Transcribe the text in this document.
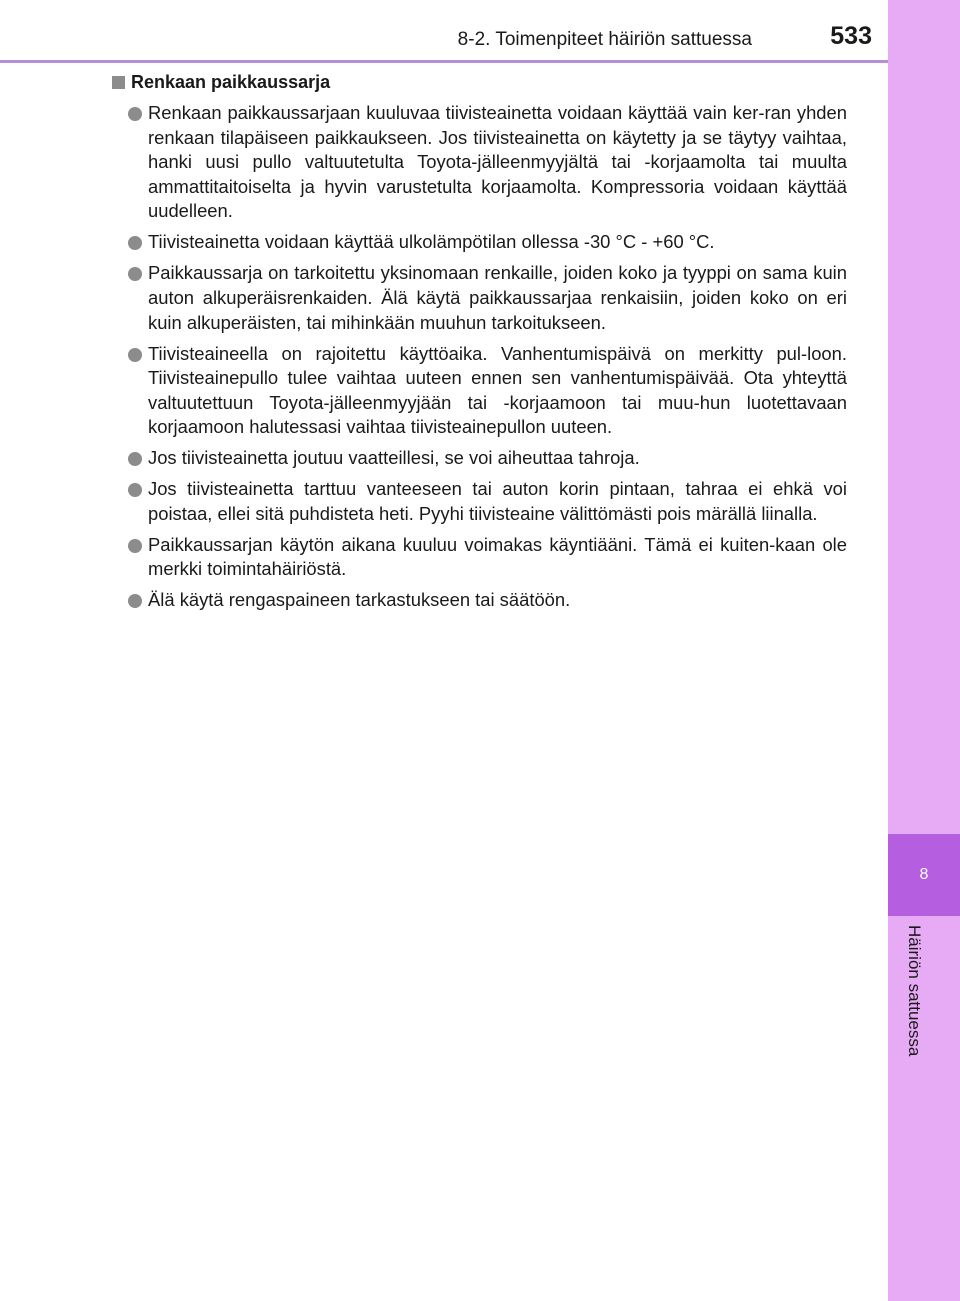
8-2. Toimenpiteet häiriön sattuessa	533
8
Häiriön sattuessa
Renkaan paikkaussarja
Renkaan paikkaussarjaan kuuluvaa tiivisteainetta voidaan käyttää vain ker-ran yhden renkaan tilapäiseen paikkaukseen. Jos tiivisteainetta on käytetty ja se täytyy vaihtaa, hanki uusi pullo valtuutetulta Toyota-jälleenmyyjältä tai -korjaamolta tai muulta ammattitaitoiselta ja hyvin varustetulta korjaamolta. Kompressoria voidaan käyttää uudelleen.
Tiivisteainetta voidaan käyttää ulkolämpötilan ollessa -30 °C - +60 °C.
Paikkaussarja on tarkoitettu yksinomaan renkaille, joiden koko ja tyyppi on sama kuin auton alkuperäisrenkaiden. Älä käytä paikkaussarjaa renkaisiin, joiden koko on eri kuin alkuperäisten, tai mihinkään muuhun tarkoitukseen.
Tiivisteaineella on rajoitettu käyttöaika. Vanhentumispäivä on merkitty pul-loon. Tiivisteainepullo tulee vaihtaa uuteen ennen sen vanhentumispäivää. Ota yhteyttä valtuutettuun Toyota-jälleenmyyjään tai -korjaamoon tai muu-hun luotettavaan korjaamoon halutessasi vaihtaa tiivisteainepullon uuteen.
Jos tiivisteainetta joutuu vaatteillesi, se voi aiheuttaa tahroja.
Jos tiivisteainetta tarttuu vanteeseen tai auton korin pintaan, tahraa ei ehkä voi poistaa, ellei sitä puhdisteta heti. Pyyhi tiivisteaine välittömästi pois märällä liinalla.
Paikkaussarjan käytön aikana kuuluu voimakas käyntiääni. Tämä ei kuiten-kaan ole merkki toimintahäiriöstä.
Älä käytä rengaspaineen tarkastukseen tai säätöön.
